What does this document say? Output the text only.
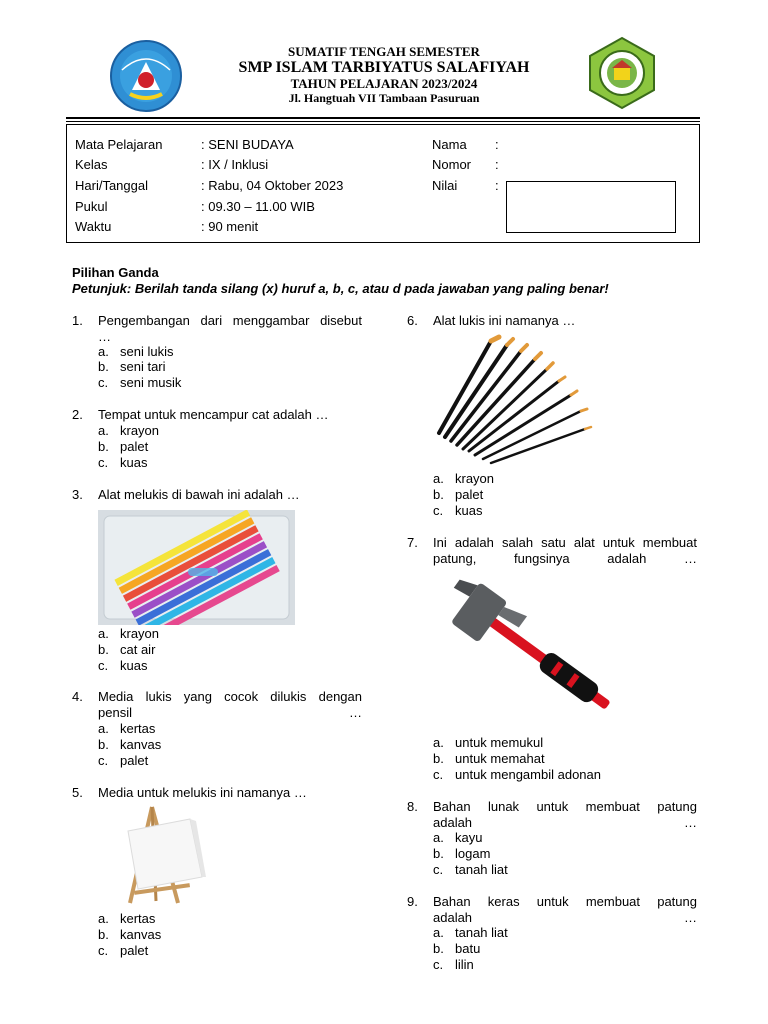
SUMATIF TENGAH SEMESTER
SMP ISLAM TARBIYATUS SALAFIYAH
TAHUN PELAJARAN 2023/2024
Jl. Hangtuah VII Tambaan Pasuruan
Mata Pelajaran	: SENI BUDAYA
Kelas	: IX / Inklusi
Hari/Tanggal	: Rabu, 04 Oktober 2023
Pukul	: 09.30 – 11.00 WIB
Waktu	: 90 menit
Nama :
Nomor :
Nilai	:
Pilihan Ganda
Petunjuk: Berilah tanda silang (x) huruf a, b, c, atau d pada jawaban yang paling benar!
1. Pengembangan dari menggambar disebut
…
a. seni lukis
b. seni tari
c. seni musik
2. Tempat untuk mencampur cat adalah …
a. krayon
b. palet
c. kuas
3. Alat melukis di bawah ini adalah …
a. krayon
b. cat air
c. kuas
4. Media lukis yang cocok dilukis dengan
pensil …
a. kertas
b. kanvas
c. palet
5. Media untuk melukis ini namanya …
a. kertas
b. kanvas
c. palet
6. Alat lukis ini namanya …
a. krayon
b. palet
c. kuas
7. Ini adalah salah satu alat untuk membuat
patung, fungsinya adalah …
a. untuk memukul
b. untuk memahat
c. untuk mengambil adonan
8. Bahan lunak untuk membuat patung
adalah …
a. kayu
b. logam
c. tanah liat
9. Bahan keras untuk membuat patung
adalah …
a. tanah liat
b. batu
c. lilin
